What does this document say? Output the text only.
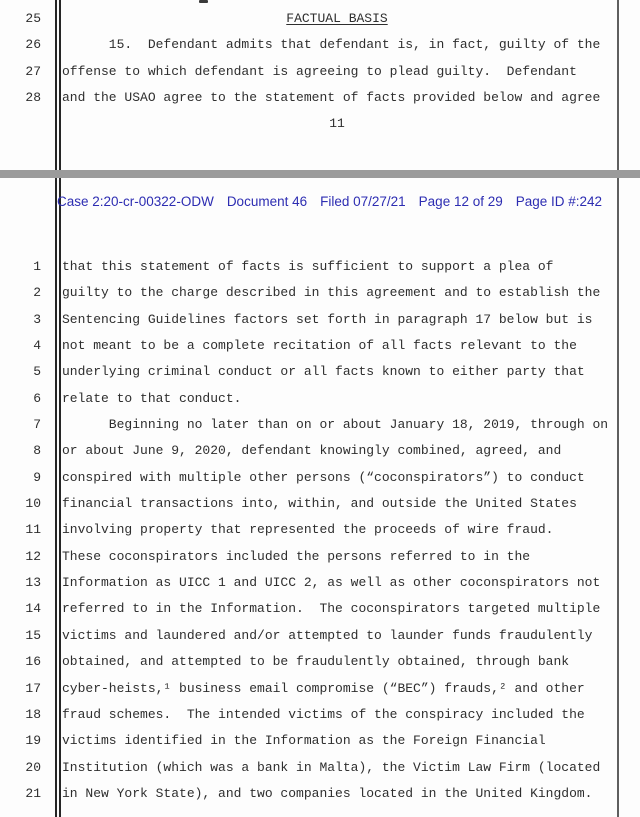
25	FACTUAL BASIS
26 15.  Defendant admits that defendant is, in fact, guilty of the
27 offense to which defendant is agreeing to plead guilty.  Defendant
28 and the USAO agree to the statement of facts provided below and agree
11
Case 2:20-cr-00322-ODW Document 46 Filed 07/27/21 Page 12 of 29 Page ID #:242
1 that this statement of facts is sufficient to support a plea of
2 guilty to the charge described in this agreement and to establish the
3 Sentencing Guidelines factors set forth in paragraph 17 below but is
4 not meant to be a complete recitation of all facts relevant to the
5 underlying criminal conduct or all facts known to either party that
6 relate to that conduct.
7 Beginning no later than on or about January 18, 2019, through on
8 or about June 9, 2020, defendant knowingly combined, agreed, and
9 conspired with multiple other persons (“coconspirators”) to conduct
10 financial transactions into, within, and outside the United States
11 involving property that represented the proceeds of wire fraud.
12 These coconspirators included the persons referred to in the
13 Information as UICC 1 and UICC 2, as well as other coconspirators not
14 referred to in the Information.  The coconspirators targeted multiple
15 victims and laundered and/or attempted to launder funds fraudulently
16 obtained, and attempted to be fraudulently obtained, through bank
17 cyber-heists,¹ business email compromise (“BEC”) frauds,² and other
18 fraud schemes.  The intended victims of the conspiracy included the
19 victims identified in the Information as the Foreign Financial
20 Institution (which was a bank in Malta), the Victim Law Firm (located
21 in New York State), and two companies located in the United Kingdom.
